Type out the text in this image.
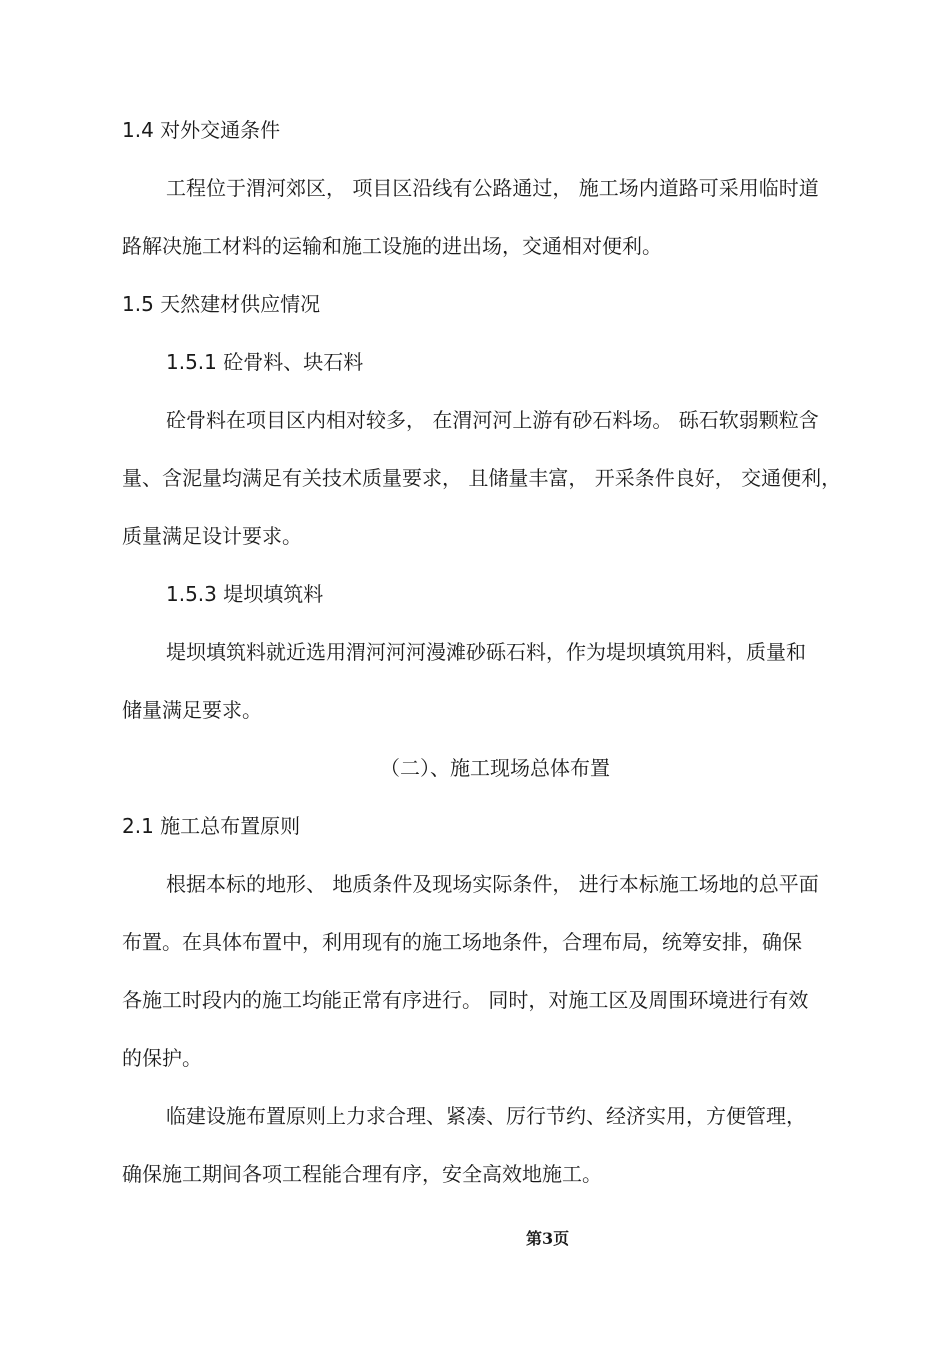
1.4 对外交通条件
工程位于渭河郊区， 项目区沿线有公路通过， 施工场内道路可采用临时道
路解决施工材料的运输和施工设施的进出场，交通相对便利。
1.5 天然建材供应情况
1.5.1 砼骨料、块石料
砼骨料在项目区内相对较多， 在渭河河上游有砂石料场。 砾石软弱颗粒含
量、含泥量均满足有关技术质量要求， 且储量丰富， 开采条件良好， 交通便利，
质量满足设计要求。
1.5.3 堤坝填筑料
堤坝填筑料就近选用渭河河河漫滩砂砾石料，作为堤坝填筑用料，质量和
储量满足要求。
（二）、施工现场总体布置
2.1 施工总布置原则
根据本标的地形、 地质条件及现场实际条件， 进行本标施工场地的总平面
布置。在具体布置中，利用现有的施工场地条件，合理布局，统筹安排，确保
各施工时段内的施工均能正常有序进行。 同时，对施工区及周围环境进行有效
的保护。
临建设施布置原则上力求合理、紧凑、厉行节约、经济实用，方便管理，
确保施工期间各项工程能合理有序，安全高效地施工。
第3页
